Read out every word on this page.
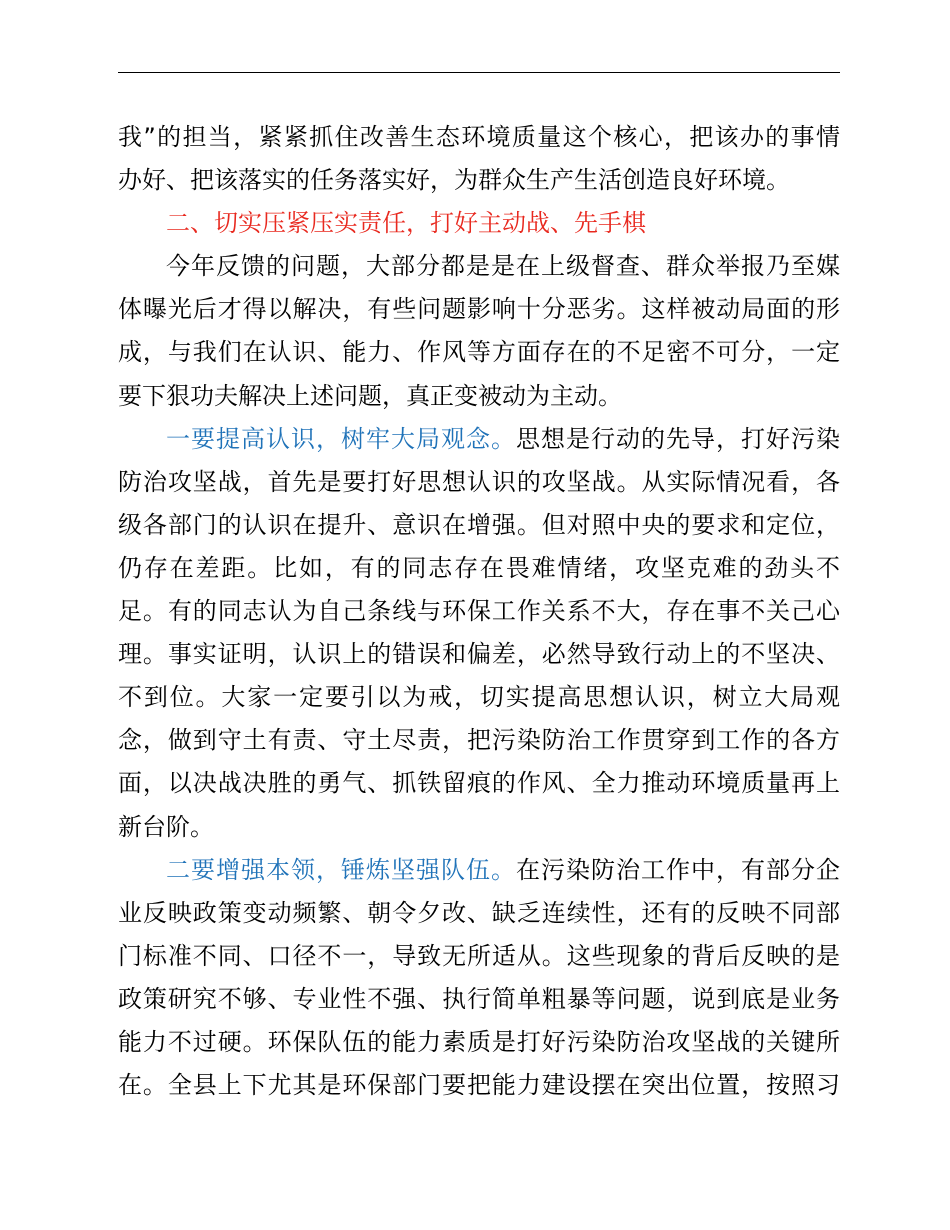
我”的担当，紧紧抓住改善生态环境质量这个核心，把该办的事情
办好、把该落实的任务落实好，为群众生产生活创造良好环境。
二、切实压紧压实责任，打好主动战、先手棋
今年反馈的问题，大部分都是是在上级督查、群众举报乃至媒
体曝光后才得以解决，有些问题影响十分恶劣。这样被动局面的形
成，与我们在认识、能力、作风等方面存在的不足密不可分，一定
要下狠功夫解决上述问题，真正变被动为主动。
一要提高认识，树牢大局观念。思想是行动的先导，打好污染
防治攻坚战，首先是要打好思想认识的攻坚战。从实际情况看，各
级各部门的认识在提升、意识在增强。但对照中央的要求和定位，
仍存在差距。比如，有的同志存在畏难情绪，攻坚克难的劲头不
足。有的同志认为自己条线与环保工作关系不大，存在事不关己心
理。事实证明，认识上的错误和偏差，必然导致行动上的不坚决、
不到位。大家一定要引以为戒，切实提高思想认识，树立大局观
念，做到守土有责、守土尽责，把污染防治工作贯穿到工作的各方
面，以决战决胜的勇气、抓铁留痕的作风、全力推动环境质量再上
新台阶。
二要增强本领，锤炼坚强队伍。在污染防治工作中，有部分企
业反映政策变动频繁、朝令夕改、缺乏连续性，还有的反映不同部
门标准不同、口径不一，导致无所适从。这些现象的背后反映的是
政策研究不够、专业性不强、执行简单粗暴等问题，说到底是业务
能力不过硬。环保队伍的能力素质是打好污染防治攻坚战的关键所
在。全县上下尤其是环保部门要把能力建设摆在突出位置，按照习
